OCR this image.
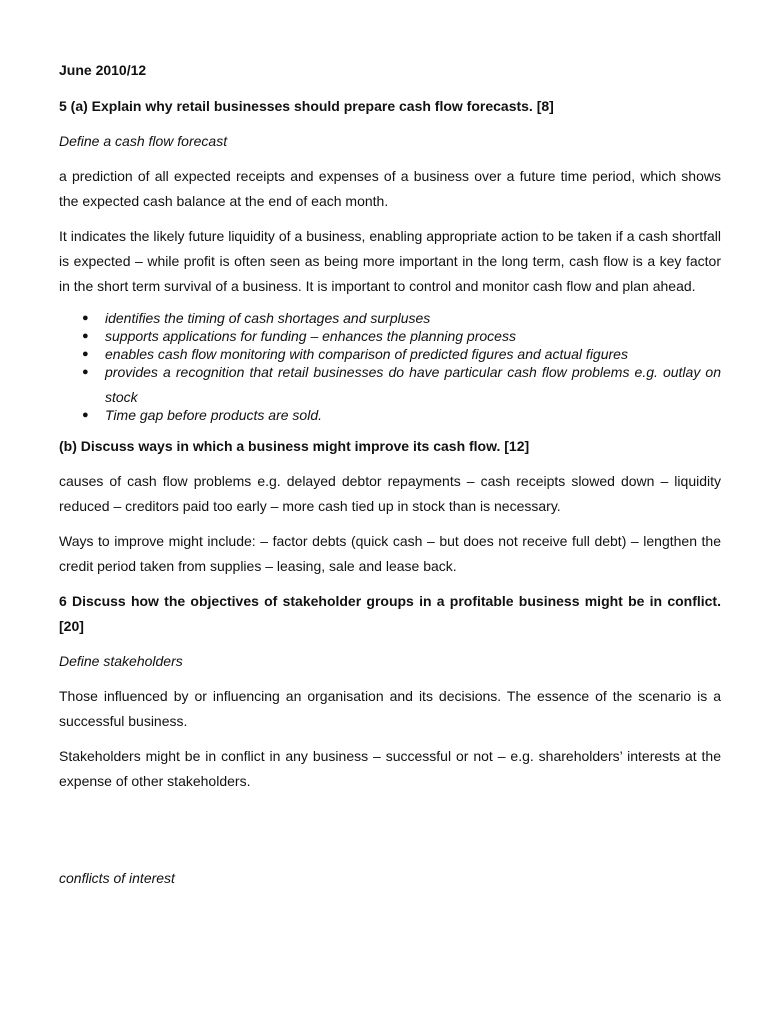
June 2010/12

5 (a) Explain why retail businesses should prepare cash flow forecasts. [8]

Define a cash flow forecast

a prediction of all expected receipts and expenses of a business over a future time period, which shows the expected cash balance at the end of each month.

It indicates the likely future liquidity of a business, enabling appropriate action to be taken if a cash shortfall is expected – while profit is often seen as being more important in the long term, cash flow is a key factor in the short term survival of a business. It is important to control and monitor cash flow and plan ahead.

● identifies the timing of cash shortages and surpluses
● supports applications for funding – enhances the planning process
● enables cash flow monitoring with comparison of predicted figures and actual figures
● provides a recognition that retail businesses do have particular cash flow problems e.g. outlay on stock
● Time gap before products are sold.

(b) Discuss ways in which a business might improve its cash flow. [12]

causes of cash flow problems e.g. delayed debtor repayments – cash receipts slowed down – liquidity reduced – creditors paid too early – more cash tied up in stock than is necessary.

Ways to improve might include: – factor debts (quick cash – but does not receive full debt) – lengthen the credit period taken from supplies – leasing, sale and lease back.

6 Discuss how the objectives of stakeholder groups in a profitable business might be in conflict. [20]

Define stakeholders

Those influenced by or influencing an organisation and its decisions. The essence of the scenario is a successful business.

Stakeholders might be in conflict in any business – successful or not – e.g. shareholders’ interests at the expense of other stakeholders.

conflicts of interest
